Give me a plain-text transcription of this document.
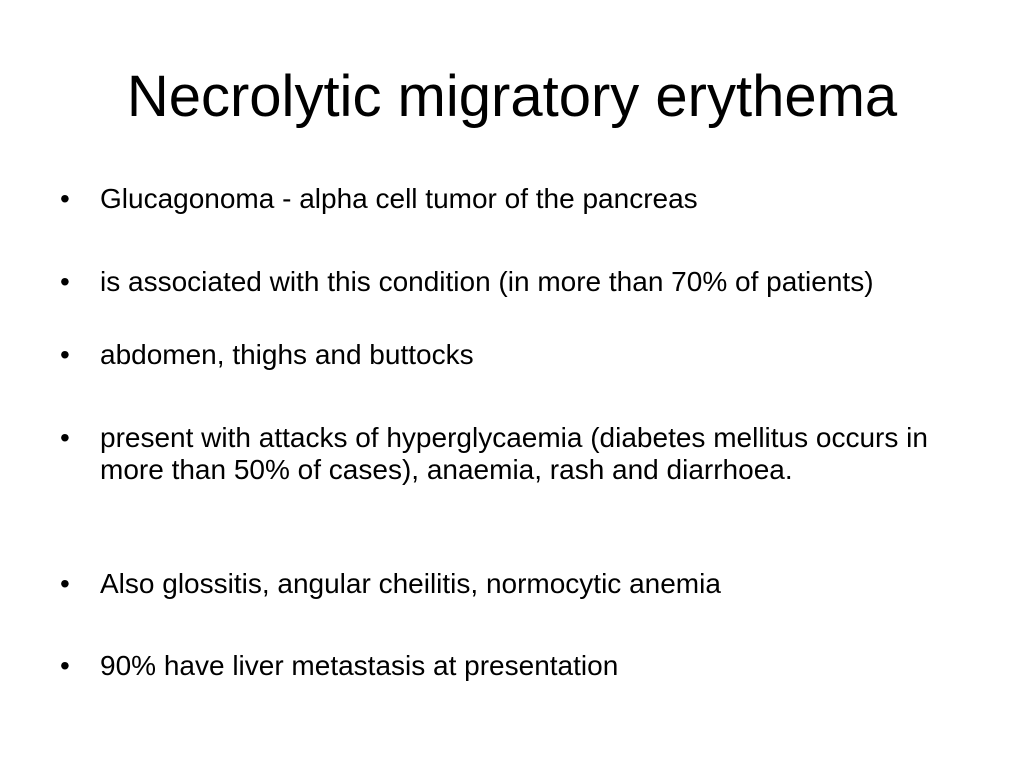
Necrolytic migratory erythema
•	Glucagonoma - alpha cell tumor of the pancreas
•	is associated with this condition (in more than 70% of patients)
•	abdomen, thighs and buttocks
•	present with attacks of hyperglycaemia (diabetes mellitus occurs in more than 50% of cases), anaemia, rash and diarrhoea.
•	Also glossitis, angular cheilitis, normocytic anemia
•	90% have liver metastasis at presentation
